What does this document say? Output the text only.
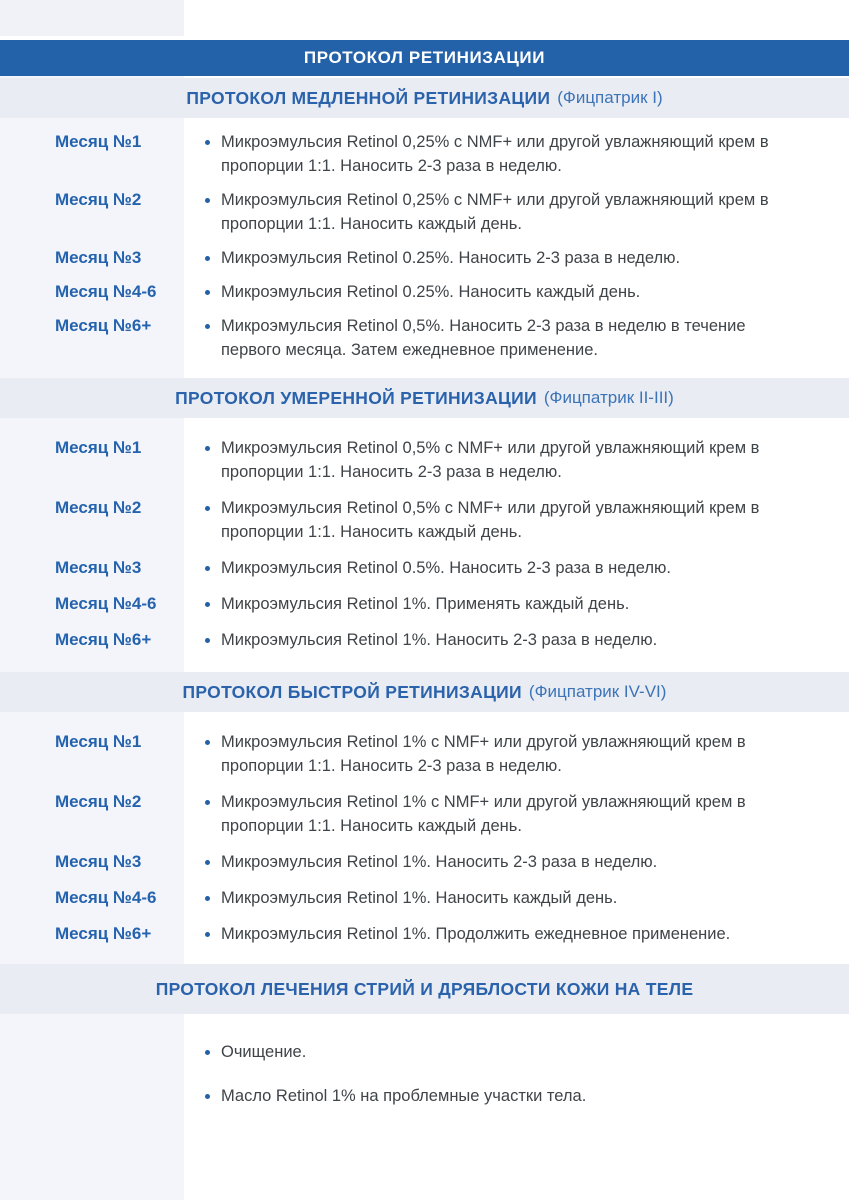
ПРОТОКОЛ РЕТИНИЗАЦИИ
ПРОТОКОЛ МЕДЛЕННОЙ РЕТИНИЗАЦИИ (Фицпатрик I)
Месяц №1	Микроэмульсия Retinol 0,25% с NMF+ или другой увлажняющий крем в пропорции 1:1. Наносить 2-3 раза в неделю.
Месяц №2	Микроэмульсия Retinol 0,25% с NMF+ или другой увлажняющий крем в пропорции 1:1. Наносить каждый день.
Месяц №3	Микроэмульсия Retinol 0.25%. Наносить 2-3 раза в неделю.
Месяц №4-6	Микроэмульсия Retinol 0.25%. Наносить каждый день.
Месяц №6+	Микроэмульсия Retinol 0,5%. Наносить 2-3 раза в неделю в течение первого месяца. Затем ежедневное применение.
ПРОТОКОЛ УМЕРЕННОЙ РЕТИНИЗАЦИИ (Фицпатрик II-III)
Месяц №1	Микроэмульсия Retinol 0,5% с NMF+ или другой увлажняющий крем в пропорции 1:1. Наносить 2-3 раза в неделю.
Месяц №2	Микроэмульсия Retinol 0,5% с NMF+ или другой увлажняющий крем в пропорции 1:1. Наносить каждый день.
Месяц №3	Микроэмульсия Retinol 0.5%. Наносить 2-3 раза в неделю.
Месяц №4-6	Микроэмульсия Retinol 1%. Применять каждый день.
Месяц №6+	Микроэмульсия Retinol 1%. Наносить 2-3 раза в неделю.
ПРОТОКОЛ БЫСТРОЙ РЕТИНИЗАЦИИ (Фицпатрик IV-VI)
Месяц №1	Микроэмульсия Retinol 1% с NMF+ или другой увлажняющий крем в пропорции 1:1. Наносить 2-3 раза в неделю.
Месяц №2	Микроэмульсия Retinol 1% с NMF+ или другой увлажняющий крем в пропорции 1:1. Наносить каждый день.
Месяц №3	Микроэмульсия Retinol 1%. Наносить 2-3 раза в неделю.
Месяц №4-6	Микроэмульсия Retinol 1%. Наносить каждый день.
Месяц №6+	Микроэмульсия Retinol 1%. Продолжить ежедневное применение.
ПРОТОКОЛ ЛЕЧЕНИЯ СТРИЙ И ДРЯБЛОСТИ КОЖИ НА ТЕЛЕ
Очищение.
Масло Retinol 1% на проблемные участки тела.
